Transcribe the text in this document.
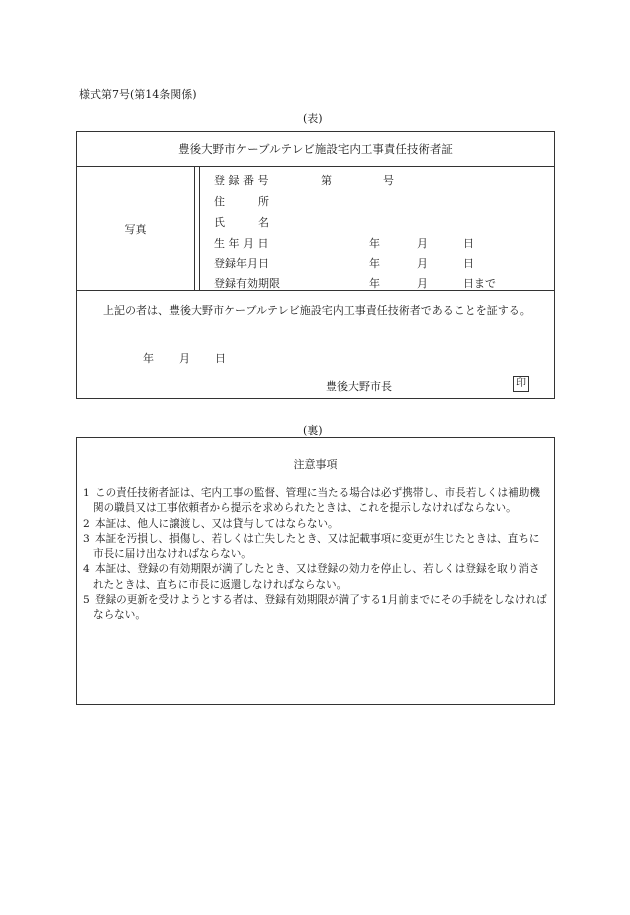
様式第7号(第14条関係)
(表)
豊後大野市ケーブルテレビ施設宅内工事責任技術者証
写真
登 録 番 号	第	号
住　　　所
氏　　　名
生 年 月 日	年	月	日
登録年月日	年	月	日
登録有効期限	年	月	日まで
上記の者は、豊後大野市ケーブルテレビ施設宅内工事責任技術者であることを証する。
年 月 日
豊後大野市長	印
(裏)
注意事項
1 この責任技術者証は、宅内工事の監督、管理に当たる場合は必ず携帯し、市長若しくは補助機関の職員又は工事依頼者から提示を求められたときは、これを提示しなければならない。
2 本証は、他人に譲渡し、又は貸与してはならない。
3 本証を汚損し、損傷し、若しくは亡失したとき、又は記載事項に変更が生じたときは、直ちに市長に届け出なければならない。
4 本証は、登録の有効期限が満了したとき、又は登録の効力を停止し、若しくは登録を取り消されたときは、直ちに市長に返還しなければならない。
5 登録の更新を受けようとする者は、登録有効期限が満了する1月前までにその手続をしなければならない。
